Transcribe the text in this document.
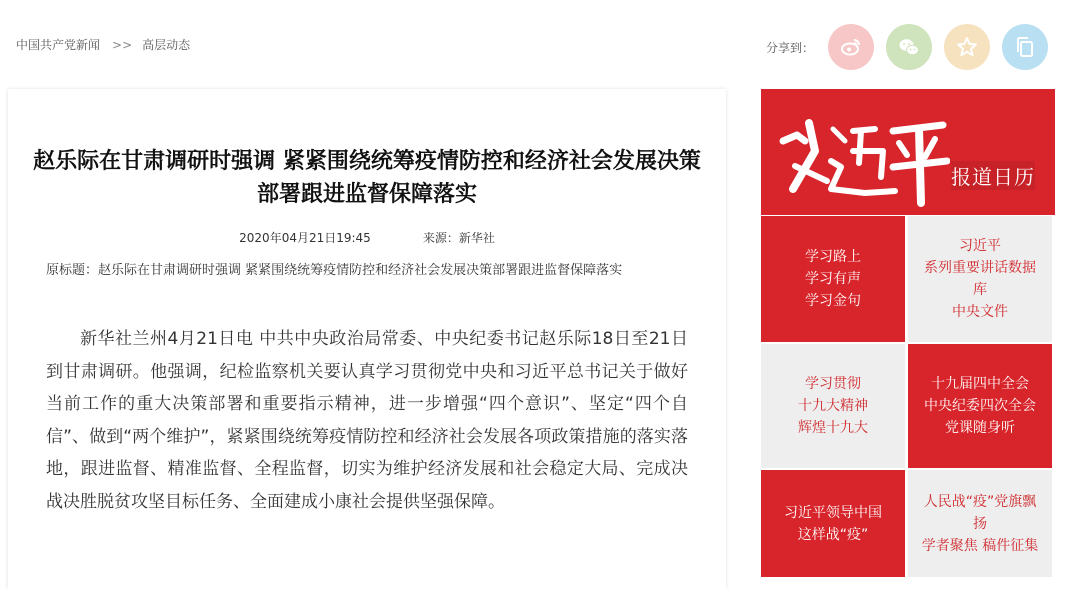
中国共产党新闻 >> 高层动态	分享到：
赵乐际在甘肃调研时强调 紧紧围绕统筹疫情防控和经济社会发展决策部署跟进监督保障落实
2020年04月21日19:45	来源：新华社
原标题：赵乐际在甘肃调研时强调 紧紧围绕统筹疫情防控和经济社会发展决策部署跟进监督保障落实
新华社兰州4月21日电 中共中央政治局常委、中央纪委书记赵乐际18日至21日到甘肃调研。他强调，纪检监察机关要认真学习贯彻党中央和习近平总书记关于做好当前工作的重大决策部署和重要指示精神，进一步增强“四个意识”、坚定“四个自信”、做到“两个维护”，紧紧围绕统筹疫情防控和经济社会发展各项政策措施的落实落地，跟进监督、精准监督、全程监督，切实为维护经济发展和社会稳定大局、完成决战决胜脱贫攻坚目标任务、全面建成小康社会提供坚强保障。
报道日历
学习路上
学习有声
学习金句
习近平
系列重要讲话数据
库
中央文件
学习贯彻
十九大精神
辉煌十九大
十九届四中全会
中央纪委四次全会
党课随身听
习近平领导中国
这样战“疫”
人民战“疫”党旗飘
扬
学者聚焦 稿件征集
